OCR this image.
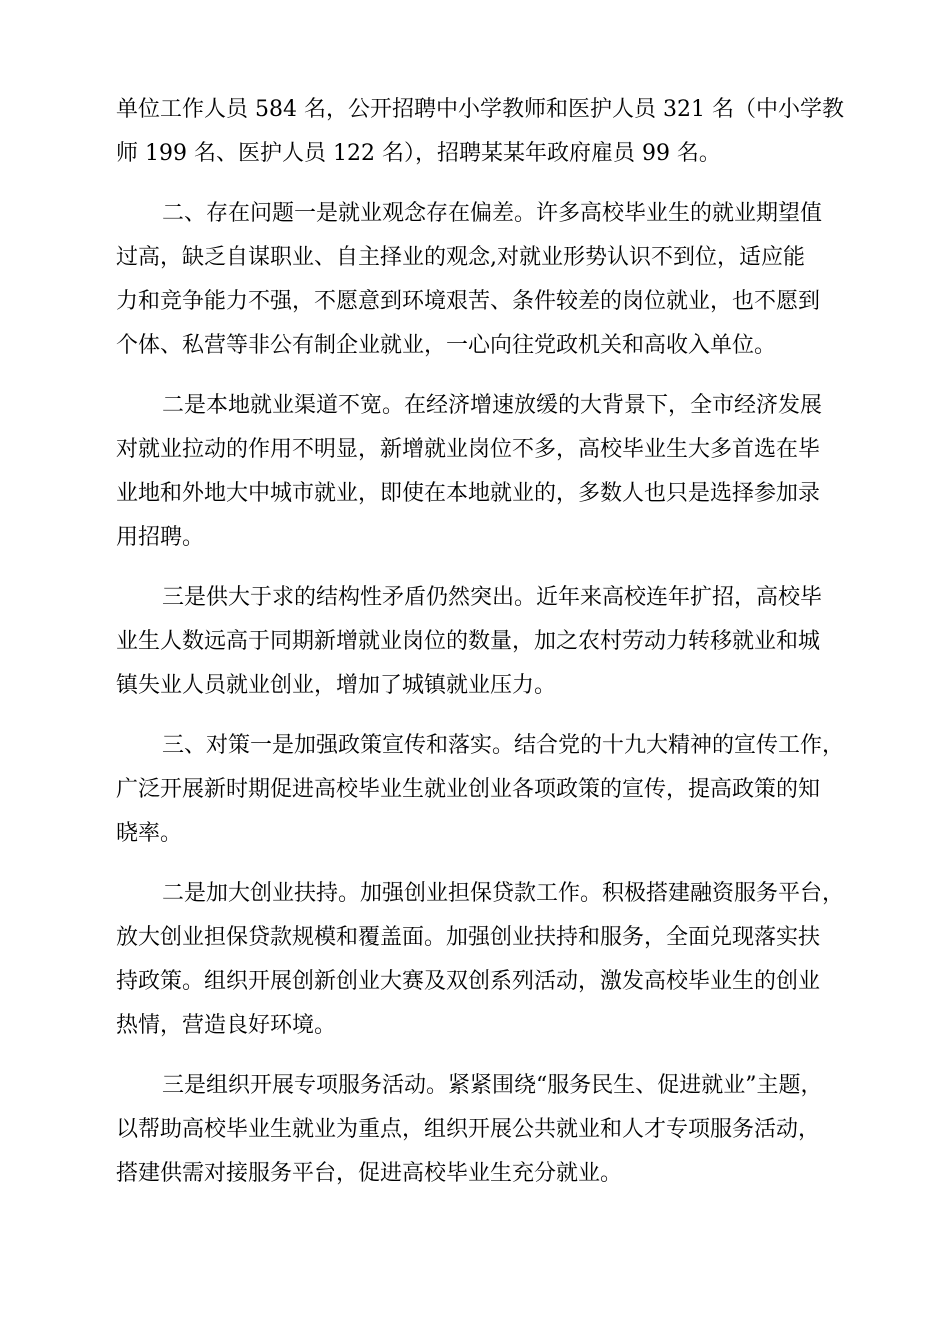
单位工作人员 584 名，公开招聘中小学教师和医护人员 321 名（中小学教
师 199 名、医护人员 122 名），招聘某某年政府雇员 99 名。
二、存在问题一是就业观念存在偏差。许多高校毕业生的就业期望值
过高，缺乏自谋职业、自主择业的观念,对就业形势认识不到位，适应能
力和竞争能力不强，不愿意到环境艰苦、条件较差的岗位就业，也不愿到
个体、私营等非公有制企业就业，一心向往党政机关和高收入单位。
二是本地就业渠道不宽。在经济增速放缓的大背景下，全市经济发展
对就业拉动的作用不明显，新增就业岗位不多，高校毕业生大多首选在毕
业地和外地大中城市就业，即使在本地就业的，多数人也只是选择参加录
用招聘。
三是供大于求的结构性矛盾仍然突出。近年来高校连年扩招，高校毕
业生人数远高于同期新增就业岗位的数量，加之农村劳动力转移就业和城
镇失业人员就业创业，增加了城镇就业压力。
三、对策一是加强政策宣传和落实。结合党的十九大精神的宣传工作，
广泛开展新时期促进高校毕业生就业创业各项政策的宣传，提高政策的知
晓率。
二是加大创业扶持。加强创业担保贷款工作。积极搭建融资服务平台，
放大创业担保贷款规模和覆盖面。加强创业扶持和服务，全面兑现落实扶
持政策。组织开展创新创业大赛及双创系列活动，激发高校毕业生的创业
热情，营造良好环境。
三是组织开展专项服务活动。紧紧围绕“服务民生、促进就业”主题，
以帮助高校毕业生就业为重点，组织开展公共就业和人才专项服务活动，
搭建供需对接服务平台，促进高校毕业生充分就业。
